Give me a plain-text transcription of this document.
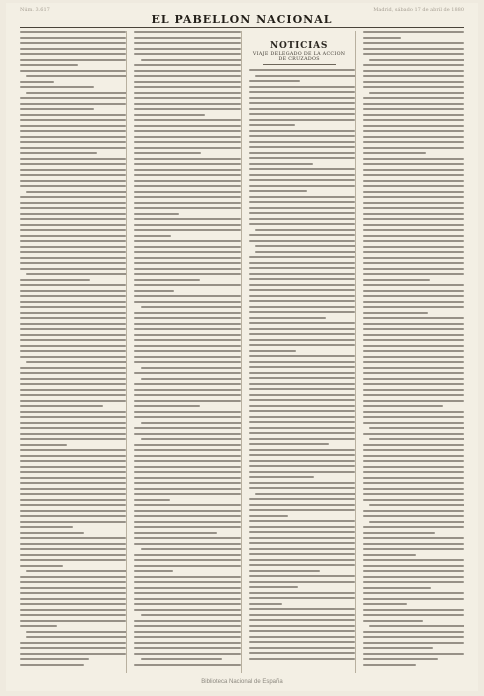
Núm. 3.617	Madrid, sábado 17 de abril de 1880
EL PABELLON NACIONAL
NOTICIAS
VIAJE DELEGADO DE LA ACCION DE CRUZADOS
Biblioteca Nacional de España
